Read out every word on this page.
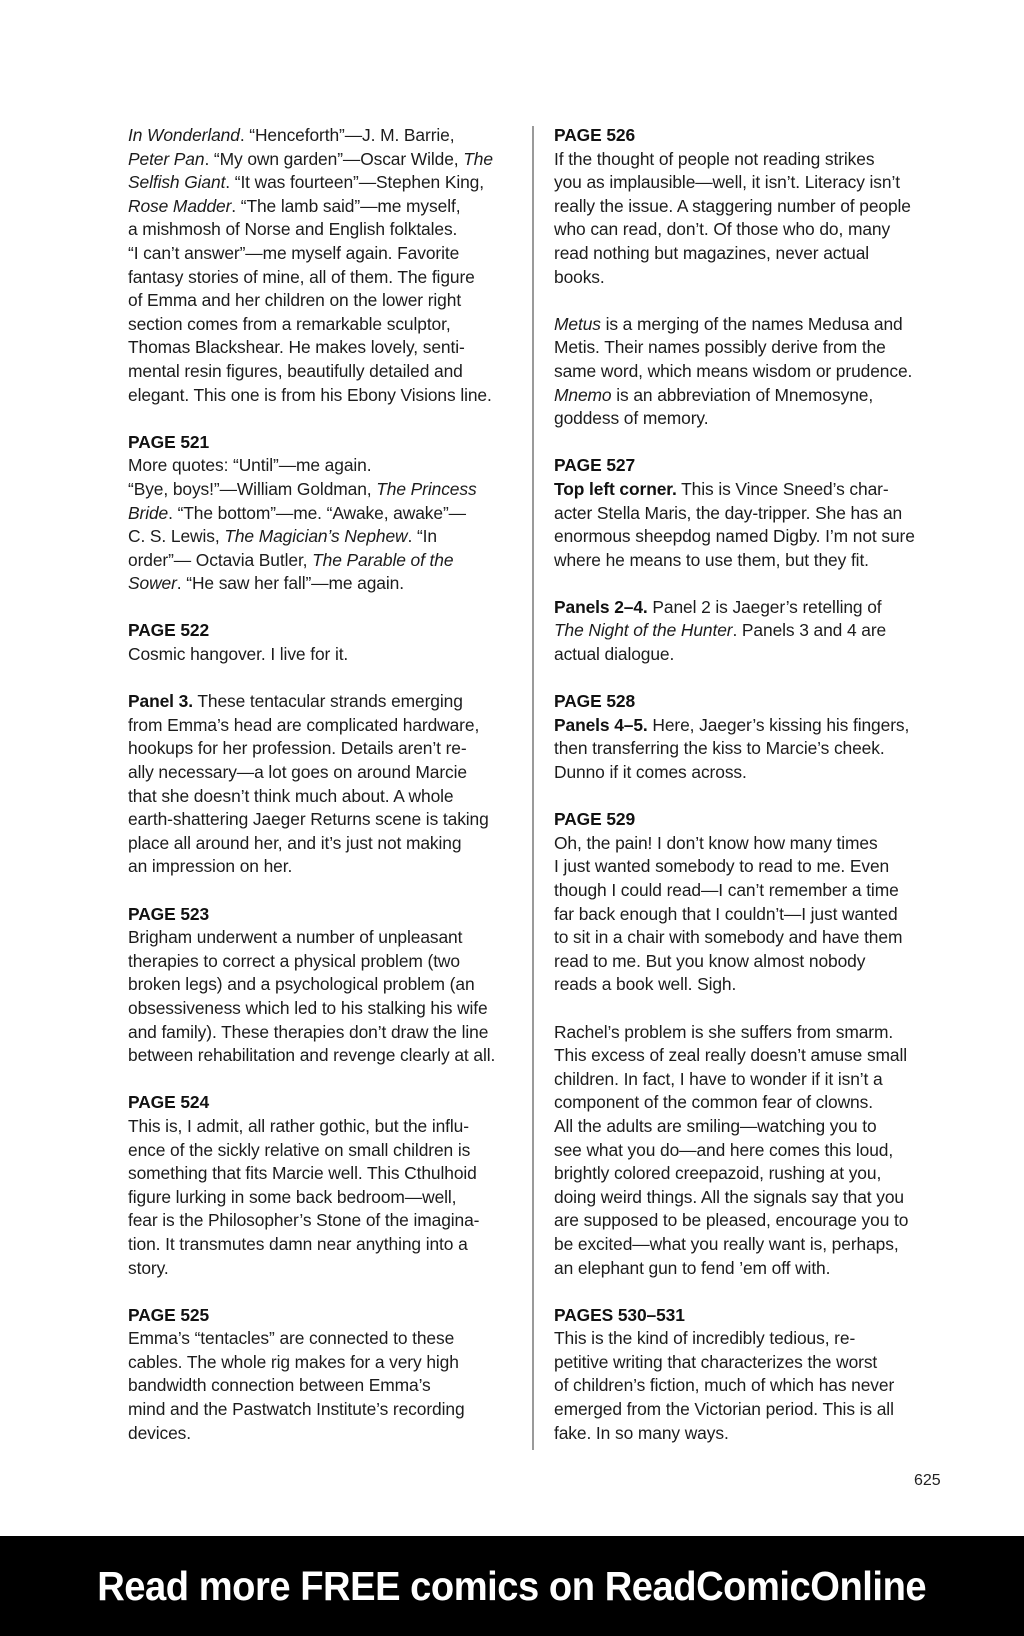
In Wonderland. “Henceforth”—J. M. Barrie,
Peter Pan. “My own garden”—Oscar Wilde, The
Selfish Giant. “It was fourteen”—Stephen King,
Rose Madder. “The lamb said”—me myself,
a mishmosh of Norse and English folktales.
“I can’t answer”—me myself again. Favorite
fantasy stories of mine, all of them. The figure
of Emma and her children on the lower right
section comes from a remarkable sculptor,
Thomas Blackshear. He makes lovely, senti-
mental resin figures, beautifully detailed and
elegant. This one is from his Ebony Visions line.
PAGE 521
More quotes: “Until”—me again.
“Bye, boys!”—William Goldman, The Princess
Bride. “The bottom”—me. “Awake, awake”—
C. S. Lewis, The Magician’s Nephew. “In
order”— Octavia Butler, The Parable of the
Sower. “He saw her fall”—me again.
PAGE 522
Cosmic hangover. I live for it.
Panel 3. These tentacular strands emerging
from Emma’s head are complicated hardware,
hookups for her profession. Details aren’t re-
ally necessary—a lot goes on around Marcie
that she doesn’t think much about. A whole
earth-shattering Jaeger Returns scene is taking
place all around her, and it’s just not making
an impression on her.
PAGE 523
Brigham underwent a number of unpleasant
therapies to correct a physical problem (two
broken legs) and a psychological problem (an
obsessiveness which led to his stalking his wife
and family). These therapies don’t draw the line
between rehabilitation and revenge clearly at all.
PAGE 524
This is, I admit, all rather gothic, but the influ-
ence of the sickly relative on small children is
something that fits Marcie well. This Cthulhoid
figure lurking in some back bedroom—well,
fear is the Philosopher’s Stone of the imagina-
tion. It transmutes damn near anything into a
story.
PAGE 525
Emma’s “tentacles” are connected to these
cables. The whole rig makes for a very high
bandwidth connection between Emma’s
mind and the Pastwatch Institute’s recording
devices.
PAGE 526
If the thought of people not reading strikes
you as implausible—well, it isn’t. Literacy isn’t
really the issue. A staggering number of people
who can read, don’t. Of those who do, many
read nothing but magazines, never actual
books.
Metus is a merging of the names Medusa and
Metis. Their names possibly derive from the
same word, which means wisdom or prudence.
Mnemo is an abbreviation of Mnemosyne,
goddess of memory.
PAGE 527
Top left corner. This is Vince Sneed’s char-
acter Stella Maris, the day-tripper. She has an
enormous sheepdog named Digby. I’m not sure
where he means to use them, but they fit.
Panels 2–4. Panel 2 is Jaeger’s retelling of
The Night of the Hunter. Panels 3 and 4 are
actual dialogue.
PAGE 528
Panels 4–5. Here, Jaeger’s kissing his fingers,
then transferring the kiss to Marcie’s cheek.
Dunno if it comes across.
PAGE 529
Oh, the pain! I don’t know how many times
I just wanted somebody to read to me. Even
though I could read—I can’t remember a time
far back enough that I couldn’t—I just wanted
to sit in a chair with somebody and have them
read to me. But you know almost nobody
reads a book well. Sigh.
Rachel’s problem is she suffers from smarm.
This excess of zeal really doesn’t amuse small
children. In fact, I have to wonder if it isn’t a
component of the common fear of clowns.
All the adults are smiling—watching you to
see what you do—and here comes this loud,
brightly colored creepazoid, rushing at you,
doing weird things. All the signals say that you
are supposed to be pleased, encourage you to
be excited—what you really want is, perhaps,
an elephant gun to fend ’em off with.
PAGES 530–531
This is the kind of incredibly tedious, re-
petitive writing that characterizes the worst
of children’s fiction, much of which has never
emerged from the Victorian period. This is all
fake. In so many ways.
625
Read more FREE comics on ReadComicOnline
